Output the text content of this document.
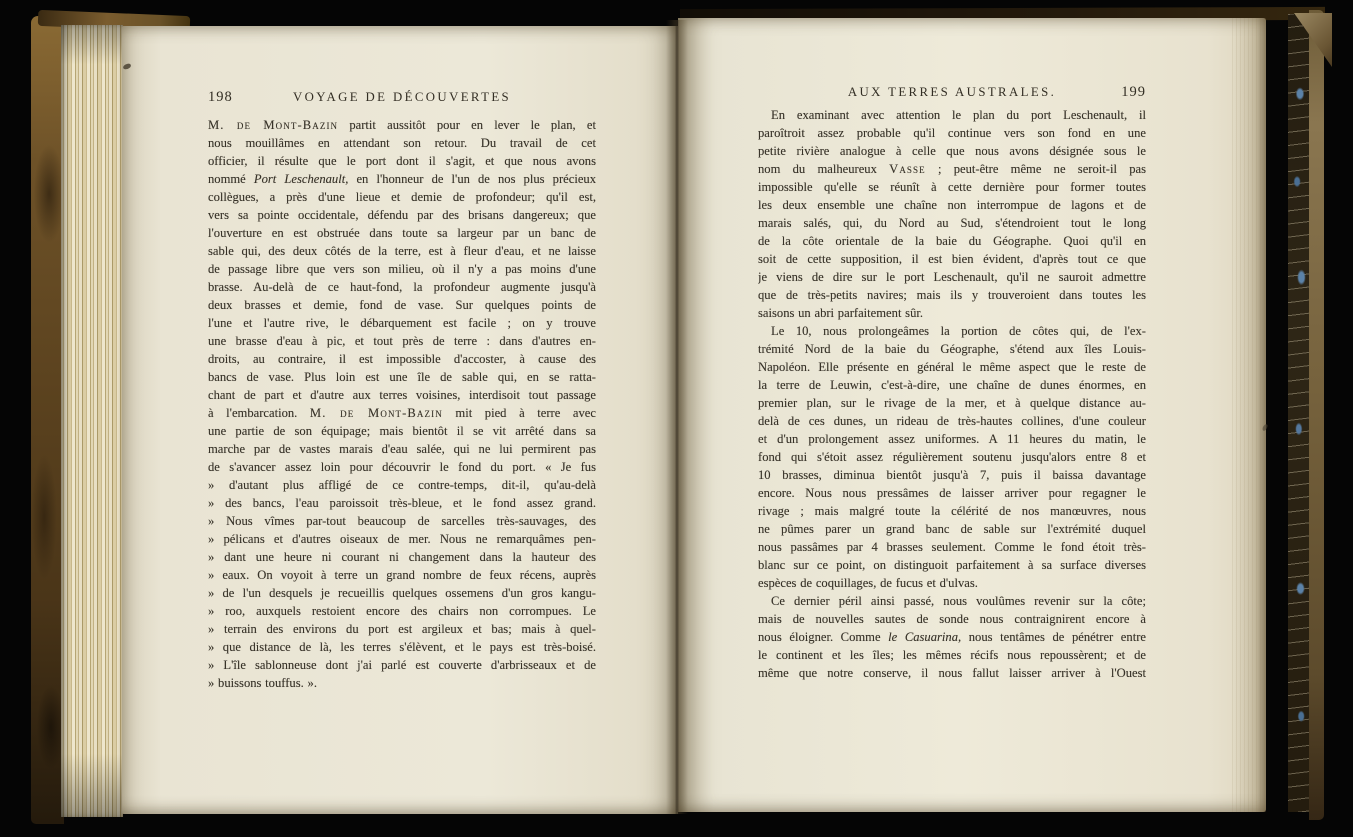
198	VOYAGE DE DÉCOUVERTES
M. de Mont-Bazin partit aussitôt pour en lever le plan, et
nous mouillâmes en attendant son retour. Du travail de cet
officier, il résulte que le port dont il s'agit, et que nous avons
nommé Port Leschenault, en l'honneur de l'un de nos plus précieux
collègues, a près d'une lieue et demie de profondeur; qu'il est,
vers sa pointe occidentale, défendu par des brisans dangereux; que
l'ouverture en est obstruée dans toute sa largeur par un banc de
sable qui, des deux côtés de la terre, est à fleur d'eau, et ne laisse
de passage libre que vers son milieu, où il n'y a pas moins d'une
brasse. Au-delà de ce haut-fond, la profondeur augmente jusqu'à
deux brasses et demie, fond de vase. Sur quelques points de
l'une et l'autre rive, le débarquement est facile ; on y trouve
une brasse d'eau à pic, et tout près de terre : dans d'autres en-
droits, au contraire, il est impossible d'accoster, à cause des
bancs de vase. Plus loin est une île de sable qui, en se ratta-
chant de part et d'autre aux terres voisines, interdisoit tout passage
à l'embarcation. M. de Mont-Bazin mit pied à terre avec
une partie de son équipage; mais bientôt il se vit arrêté dans sa
marche par de vastes marais d'eau salée, qui ne lui permirent pas
de s'avancer assez loin pour découvrir le fond du port. « Je fus
» d'autant plus affligé de ce contre-temps, dit-il, qu'au-delà
» des bancs, l'eau paroissoit très-bleue, et le fond assez grand.
» Nous vîmes par-tout beaucoup de sarcelles très-sauvages, des
» pélicans et d'autres oiseaux de mer. Nous ne remarquâmes pen-
» dant une heure ni courant ni changement dans la hauteur des
» eaux. On voyoit à terre un grand nombre de feux récens, auprès
» de l'un desquels je recueillis quelques ossemens d'un gros kangu-
» roo, auxquels restoient encore des chairs non corrompues. Le
» terrain des environs du port est argileux et bas; mais à quel-
» que distance de là, les terres s'élèvent, et le pays est très-boisé.
» L'île sablonneuse dont j'ai parlé est couverte d'arbrisseaux et de
» buissons touffus. ».
AUX TERRES AUSTRALES.	199
En examinant avec attention le plan du port Leschenault, il
paroîtroit assez probable qu'il continue vers son fond en une
petite rivière analogue à celle que nous avons désignée sous le
nom du malheureux Vasse ; peut-être même ne seroit-il pas
impossible qu'elle se réunît à cette dernière pour former toutes
les deux ensemble une chaîne non interrompue de lagons et de
marais salés, qui, du Nord au Sud, s'étendroient tout le long
de la côte orientale de la baie du Géographe. Quoi qu'il en
soit de cette supposition, il est bien évident, d'après tout ce que
je viens de dire sur le port Leschenault, qu'il ne sauroit admettre
que de très-petits navires; mais ils y trouveroient dans toutes les
saisons un abri parfaitement sûr.
Le 10, nous prolongeâmes la portion de côtes qui, de l'ex-
trémité Nord de la baie du Géographe, s'étend aux îles Louis-
Napoléon. Elle présente en général le même aspect que le reste de
la terre de Leuwin, c'est-à-dire, une chaîne de dunes énormes, en
premier plan, sur le rivage de la mer, et à quelque distance au-
delà de ces dunes, un rideau de très-hautes collines, d'une couleur
et d'un prolongement assez uniformes. A 11 heures du matin, le
fond qui s'étoit assez régulièrement soutenu jusqu'alors entre 8 et
10 brasses, diminua bientôt jusqu'à 7, puis il baissa davantage
encore. Nous nous pressâmes de laisser arriver pour regagner le
rivage ; mais malgré toute la célérité de nos manœuvres, nous
ne pûmes parer un grand banc de sable sur l'extrémité duquel
nous passâmes par 4 brasses seulement. Comme le fond étoit très-
blanc sur ce point, on distinguoit parfaitement à sa surface diverses
espèces de coquillages, de fucus et d'ulvas.
Ce dernier péril ainsi passé, nous voulûmes revenir sur la côte;
mais de nouvelles sautes de sonde nous contraignirent encore à
nous éloigner. Comme le Casuarina, nous tentâmes de pénétrer entre
le continent et les îles; les mêmes récifs nous repoussèrent; et de
même que notre conserve, il nous fallut laisser arriver à l'Ouest
